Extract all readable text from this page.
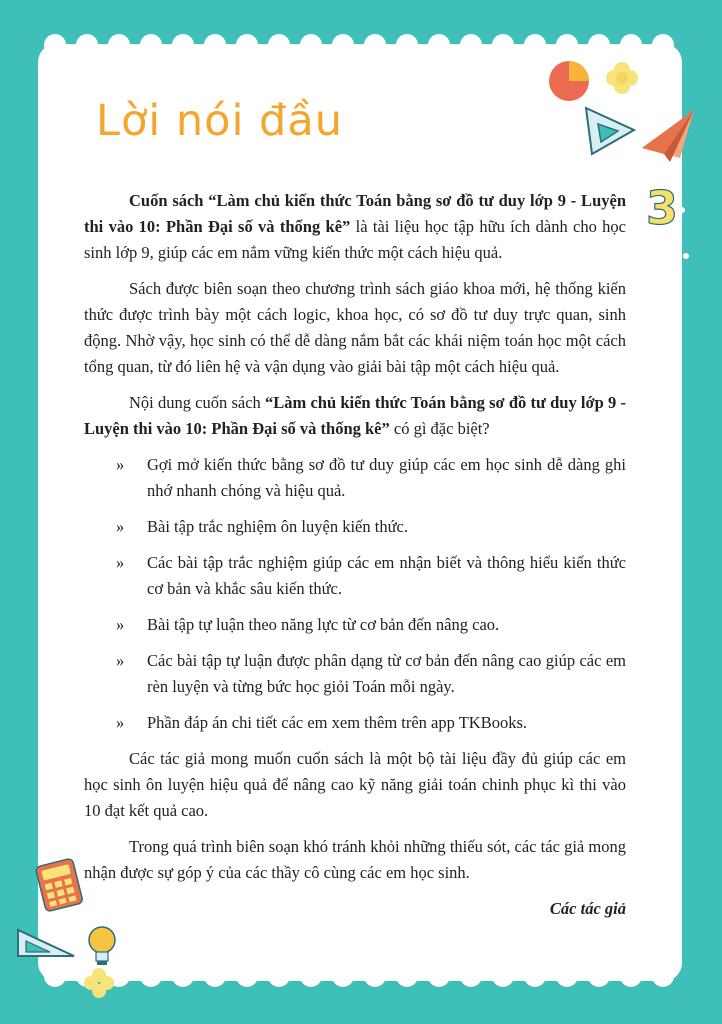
Lời nói đầu

Cuốn sách “Làm chủ kiến thức Toán bằng sơ đồ tư duy lớp 9 - Luyện thi vào 10: Phần Đại số và thống kê” là tài liệu học tập hữu ích dành cho học sinh lớp 9, giúp các em nắm vững kiến thức một cách hiệu quả.

Sách được biên soạn theo chương trình sách giáo khoa mới, hệ thống kiến thức được trình bày một cách logic, khoa học, có sơ đồ tư duy trực quan, sinh động. Nhờ vậy, học sinh có thể dễ dàng nắm bắt các khái niệm toán học một cách tổng quan, từ đó liên hệ và vận dụng vào giải bài tập một cách hiệu quả.

Nội dung cuốn sách “Làm chủ kiến thức Toán bằng sơ đồ tư duy lớp 9 - Luyện thi vào 10: Phần Đại số và thống kê” có gì đặc biệt?

» Gợi mở kiến thức bằng sơ đồ tư duy giúp các em học sinh dễ dàng ghi nhớ nhanh chóng và hiệu quả.
» Bài tập trắc nghiệm ôn luyện kiến thức.
» Các bài tập trắc nghiệm giúp các em nhận biết và thông hiểu kiến thức cơ bản và khắc sâu kiến thức.
» Bài tập tự luận theo năng lực từ cơ bản đến nâng cao.
» Các bài tập tự luận được phân dạng từ cơ bản đến nâng cao giúp các em rèn luyện và từng bức học giỏi Toán mỗi ngày.
» Phần đáp án chi tiết các em xem thêm trên app TKBooks.

Các tác giả mong muốn cuốn sách là một bộ tài liệu đầy đủ giúp các em học sinh ôn luyện hiệu quả để nâng cao kỹ năng giải toán chinh phục kì thi vào 10 đạt kết quả cao.

Trong quá trình biên soạn khó tránh khỏi những thiếu sót, các tác giả mong nhận được sự góp ý của các thầy cô cùng các em học sinh.

Các tác giả
3
